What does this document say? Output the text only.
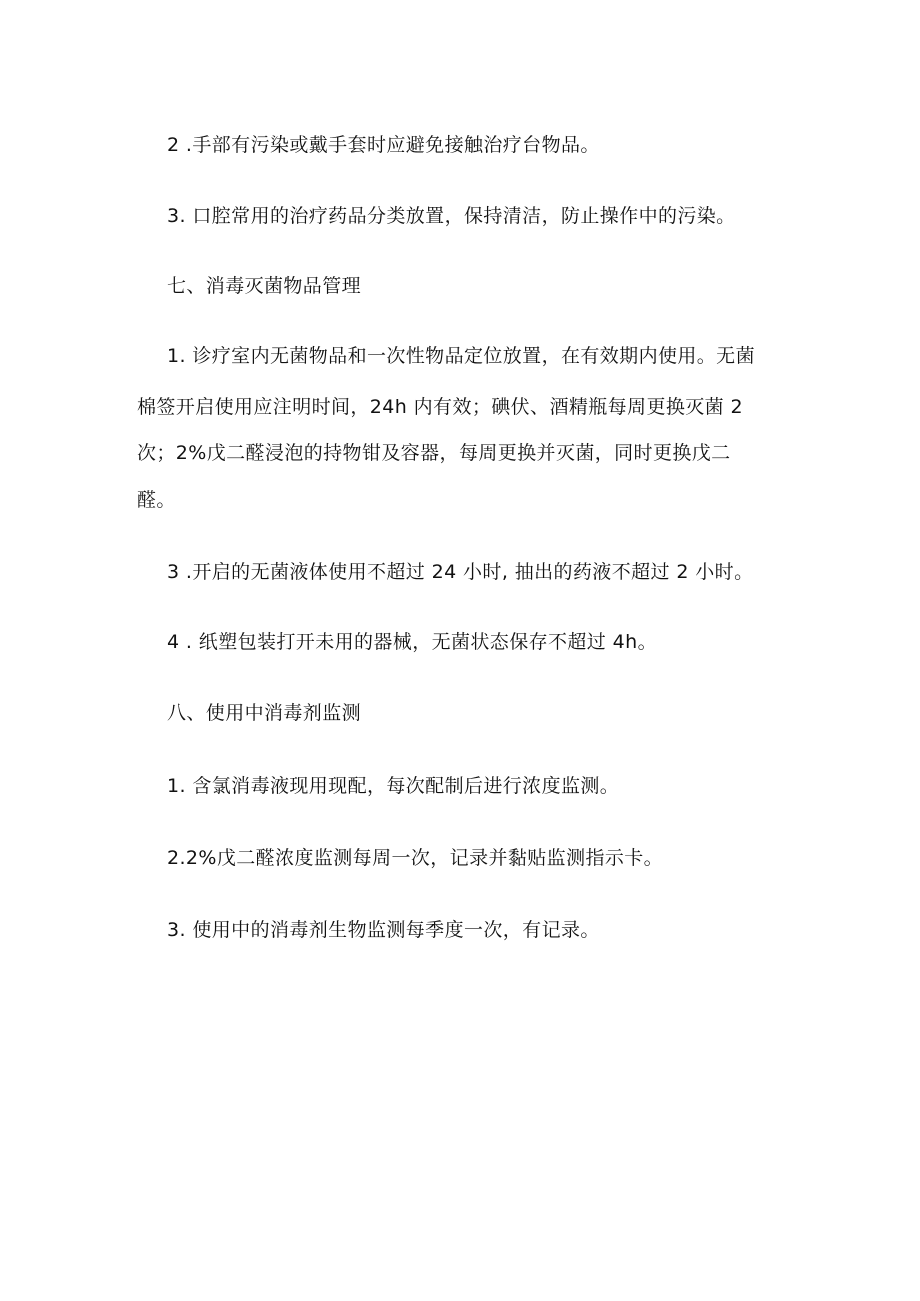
2 .手部有污染或戴手套时应避免接触治疗台物品。
3. 口腔常用的治疗药品分类放置，保持清洁，防止操作中的污染。
七、消毒灭菌物品管理
1. 诊疗室内无菌物品和一次性物品定位放置，在有效期内使用。无菌
棉签开启使用应注明时间，24h 内有效；碘伏、酒精瓶每周更换灭菌 2
次；2%戊二醛浸泡的持物钳及容器，每周更换并灭菌，同时更换戊二
醛。
3 .开启的无菌液体使用不超过 24 小时, 抽出的药液不超过 2 小时。
4 . 纸塑包装打开未用的器械，无菌状态保存不超过 4h。
八、使用中消毒剂监测
1. 含氯消毒液现用现配，每次配制后进行浓度监测。
2.2%戊二醛浓度监测每周一次，记录并黏贴监测指示卡。
3. 使用中的消毒剂生物监测每季度一次，有记录。
